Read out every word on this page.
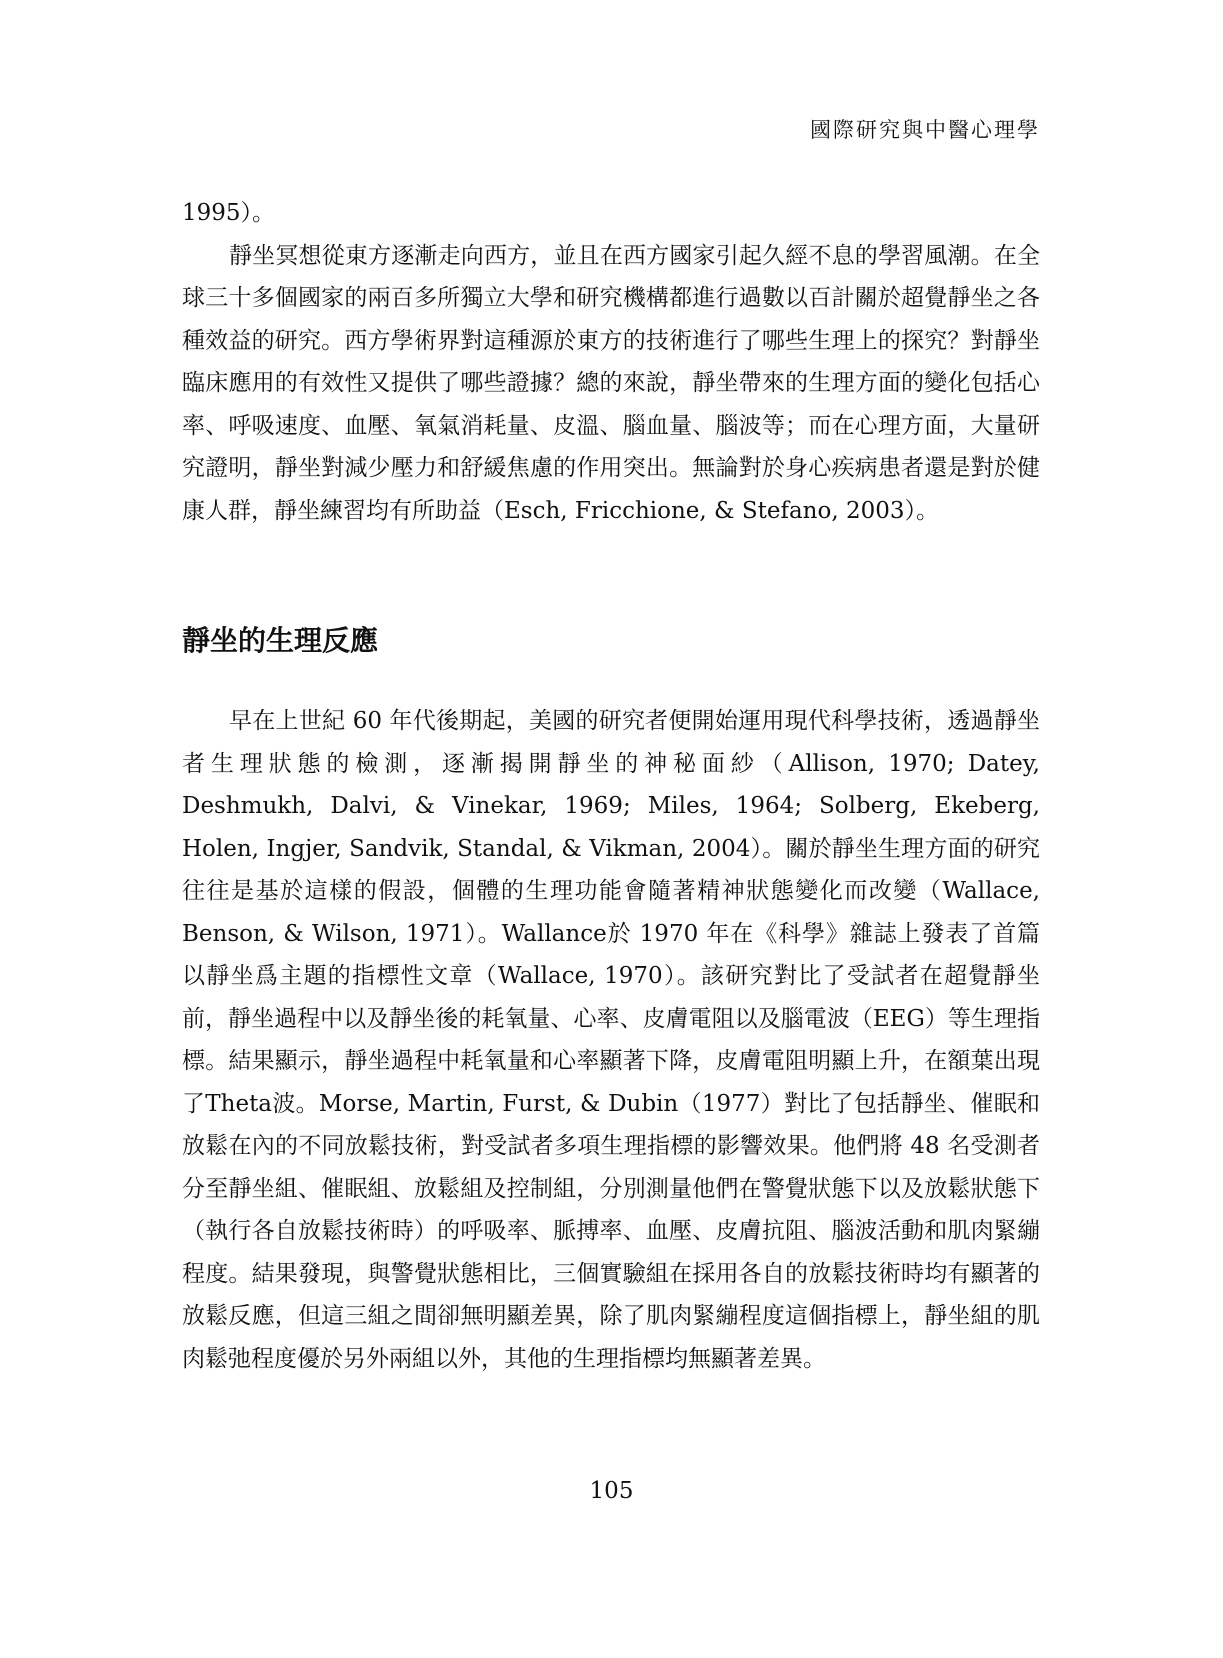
國際研究與中醫心理學

1995）。

靜坐冥想從東方逐漸走向西方，並且在西方國家引起久經不息的學習風潮。在全球三十多個國家的兩百多所獨立大學和研究機構都進行過數以百計關於超覺靜坐之各種效益的研究。西方學術界對這種源於東方的技術進行了哪些生理上的探究？對靜坐臨床應用的有效性又提供了哪些證據？總的來說，靜坐帶來的生理方面的變化包括心率、呼吸速度、血壓、氧氣消耗量、皮溫、腦血量、腦波等；而在心理方面，大量研究證明，靜坐對減少壓力和舒緩焦慮的作用突出。無論對於身心疾病患者還是對於健康人群，靜坐練習均有所助益（Esch, Fricchione, & Stefano, 2003）。

靜坐的生理反應

早在上世紀 60 年代後期起，美國的研究者便開始運用現代科學技術，透過靜坐者生理狀態的檢測，逐漸揭開靜坐的神秘面紗（Allison, 1970; Datey, Deshmukh, Dalvi, & Vinekar, 1969; Miles, 1964; Solberg, Ekeberg, Holen, Ingjer, Sandvik, Standal, & Vikman, 2004）。關於靜坐生理方面的研究往往是基於這樣的假設，個體的生理功能會隨著精神狀態變化而改變（Wallace, Benson, & Wilson, 1971）。Wallance於 1970 年在《科學》雜誌上發表了首篇以靜坐爲主題的指標性文章（Wallace, 1970）。該研究對比了受試者在超覺靜坐前，靜坐過程中以及靜坐後的耗氧量、心率、皮膚電阻以及腦電波（EEG）等生理指標。結果顯示，靜坐過程中耗氧量和心率顯著下降，皮膚電阻明顯上升，在額葉出現了Theta波。Morse, Martin, Furst, & Dubin（1977）對比了包括靜坐、催眠和放鬆在內的不同放鬆技術，對受試者多項生理指標的影響效果。他們將 48 名受測者分至靜坐組、催眠組、放鬆組及控制組，分別測量他們在警覺狀態下以及放鬆狀態下（執行各自放鬆技術時）的呼吸率、脈搏率、血壓、皮膚抗阻、腦波活動和肌肉緊繃程度。結果發現，與警覺狀態相比，三個實驗組在採用各自的放鬆技術時均有顯著的放鬆反應，但這三組之間卻無明顯差異，除了肌肉緊繃程度這個指標上，靜坐組的肌肉鬆弛程度優於另外兩組以外，其他的生理指標均無顯著差異。

105
